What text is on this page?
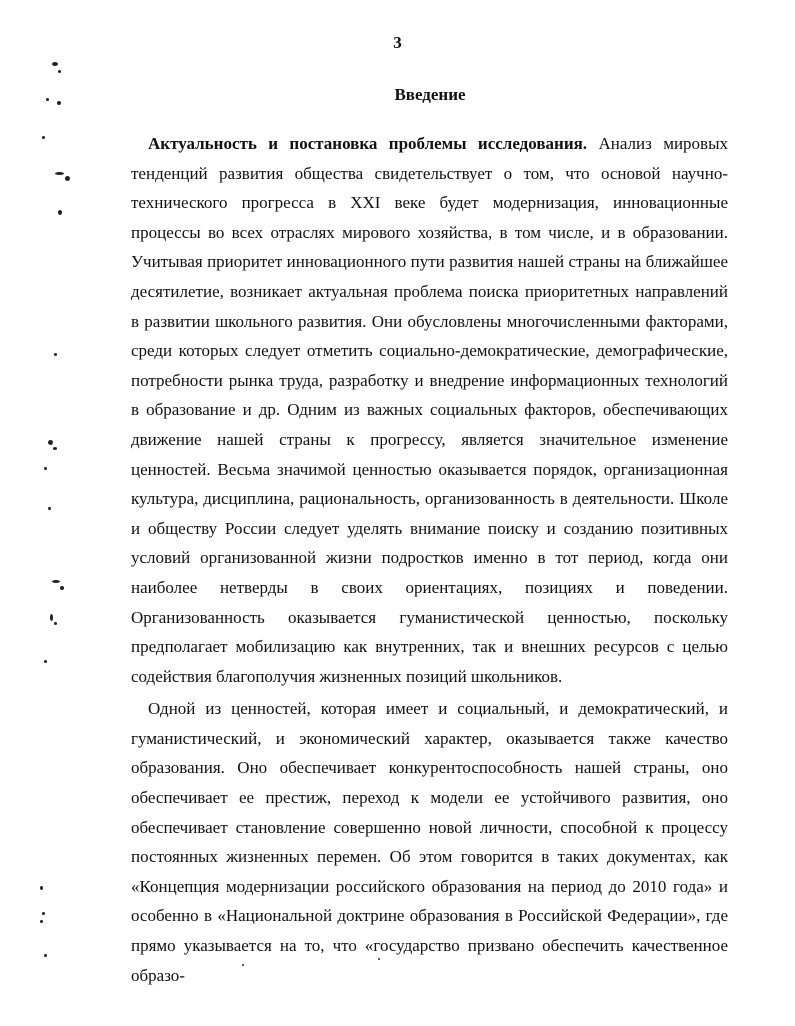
3
Введение

Актуальность и постановка проблемы исследования. Анализ мировых тенденций развития общества свидетельствует о том, что основой научно-технического прогресса в XXI веке будет модернизация, инновационные процессы во всех отраслях мирового хозяйства, в том числе, и в образовании. Учитывая приоритет инновационного пути развития нашей страны на ближайшее десятилетие, возникает актуальная проблема поиска приоритетных направлений в развитии школьного развития. Они обусловлены многочисленными факторами, среди которых следует отметить социально-демократические, демографические, потребности рынка труда, разработку и внедрение информационных технологий в образование и др. Одним из важных социальных факторов, обеспечивающих движение нашей страны к прогрессу, является значительное изменение ценностей. Весьма значимой ценностью оказывается порядок, организационная культура, дисциплина, рациональность, организованность в деятельности. Школе и обществу России следует уделять внимание поиску и созданию позитивных условий организованной жизни подростков именно в тот период, когда они наиболее нетверды в своих ориентациях, позициях и поведении. Организованность оказывается гуманистической ценностью, поскольку предполагает мобилизацию как внутренних, так и внешних ресурсов с целью содействия благополучия жизненных позиций школьников.

Одной из ценностей, которая имеет и социальный, и демократический, и гуманистический, и экономический характер, оказывается также качество образования. Оно обеспечивает конкурентоспособность нашей страны, оно обеспечивает ее престиж, переход к модели ее устойчивого развития, оно обеспечивает становление совершенно новой личности, способной к процессу постоянных жизненных перемен. Об этом говорится в таких документах, как «Концепция модернизации российского образования на период до 2010 года» и особенно в «Национальной доктрине образования в Российской Федерации», где прямо указывается на то, что «государство призвано обеспечить качественное образо-
